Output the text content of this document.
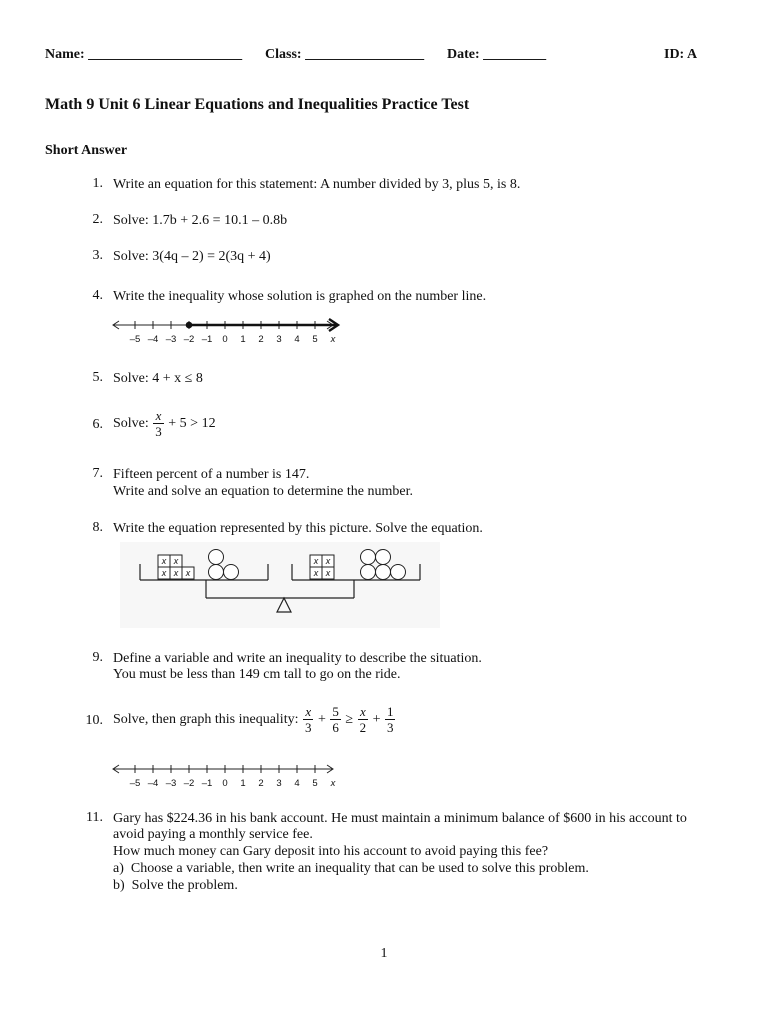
Name: ______________________ Class: _________________ Date: _________	ID: A
Math 9 Unit 6 Linear Equations and Inequalities Practice Test
Short Answer
1. Write an equation for this statement: A number divided by 3, plus 5, is 8.
2. Solve: 1.7b + 2.6 = 10.1 – 0.8b
3. Solve: 3(4q – 2) = 2(3q + 4)
4. Write the inequality whose solution is graphed on the number line.
–5 –4 –3 –2 –1 0 1 2 3 4 5 x
5. Solve: 4 + x ≤ 8
6. Solve: $\frac{x}{3} + 5 > 12$
7. Fifteen percent of a number is 147.
Write and solve an equation to determine the number.
8. Write the equation represented by this picture. Solve the equation.
x x x
x x
x x
x x
9. Define a variable and write an inequality to describe the situation.
You must be less than 149 cm tall to go on the ride.
10. Solve, then graph this inequality: $\frac{x}{3} + \frac{5}{6} \ge \frac{x}{2} + \frac{1}{3}$
–5 –4 –3 –2 –1 0 1 2 3 4 5 x
11. Gary has $224.36 in his bank account. He must maintain a minimum balance of $600 in his account to
avoid paying a monthly service fee.
How much money can Gary deposit into his account to avoid paying this fee?
a) Choose a variable, then write an inequality that can be used to solve this problem.
b) Solve the problem.
1
